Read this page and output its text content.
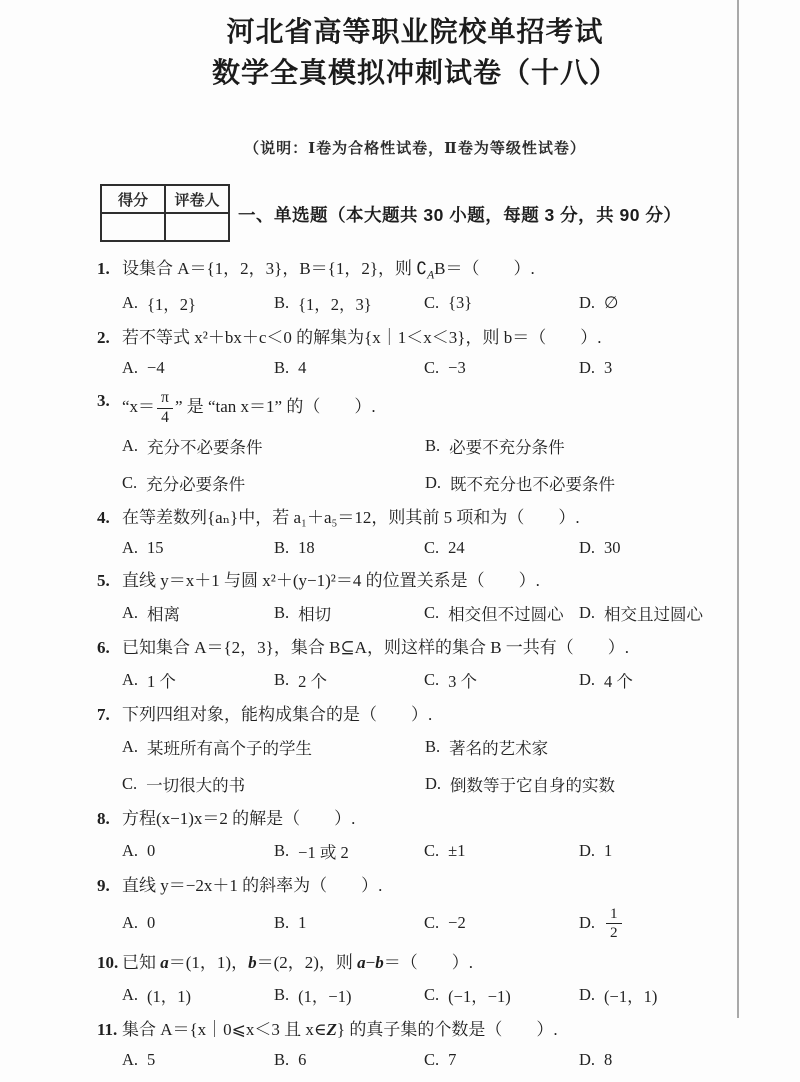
河北省高等职业院校单招考试
数学全真模拟冲刺试卷（十八）
（说明：Ⅰ卷为合格性试卷，Ⅱ卷为等级性试卷）
得分	评卷人

一、单选题（本大题共 30 小题，每题 3 分，共 90 分）
1. 设集合 A＝{1，2，3}，B＝{1，2}，则 $∁_AB=$（　　）.
A. {1，2}	B. {1，2，3}	C. {3}	D. ∅
2. 若不等式 x²＋bx＋c＜0 的解集为{x｜1＜x＜3}，则 b＝（　　）.
A. −4	B. 4	C. −3	D. 3
3. “$x= \frac{\pi}{4}$ ” 是 “tan x＝1” 的（　　）.
A. 充分不必要条件	B. 必要不充分条件
C. 充分必要条件	D. 既不充分也不必要条件
4. 在等差数列{aₙ}中，若 a₁＋a₅＝12，则其前 5 项和为（　　）.
A. 15	B. 18	C. 24	D. 30
5. 直线 y＝x＋1 与圆 x²＋(y−1)²＝4 的位置关系是（　　）.
A. 相离	B. 相切	C. 相交但不过圆心 D. 相交且过圆心
6. 已知集合 A＝{2，3}，集合 B⊆A，则这样的集合 B 一共有（　　）.
A. 1 个	B. 2 个	C. 3 个	D. 4 个
7. 下列四组对象，能构成集合的是（　　）.
A. 某班所有高个子的学生	B. 著名的艺术家
C. 一切很大的书	D. 倒数等于它自身的实数
8. 方程(x−1)x＝2 的解是（　　）.
A. 0	B. −1 或 2	C. ±1	D. 1
9. 直线 y＝−2x＋1 的斜率为（　　）.
A. 0	B. 1	C. −2	D. $\frac{1}{2}$
10. 已知 a＝(1，1)，b＝(2，2)，则 a−b＝（　　）.
A. (1，1)	B. (1，−1)	C. (−1，−1)	D. (−1，1)
11. 集合 A＝{x｜0⩽x＜3 且 x∈Z} 的真子集的个数是（　　）.
A. 5	B. 6	C. 7	D. 8
